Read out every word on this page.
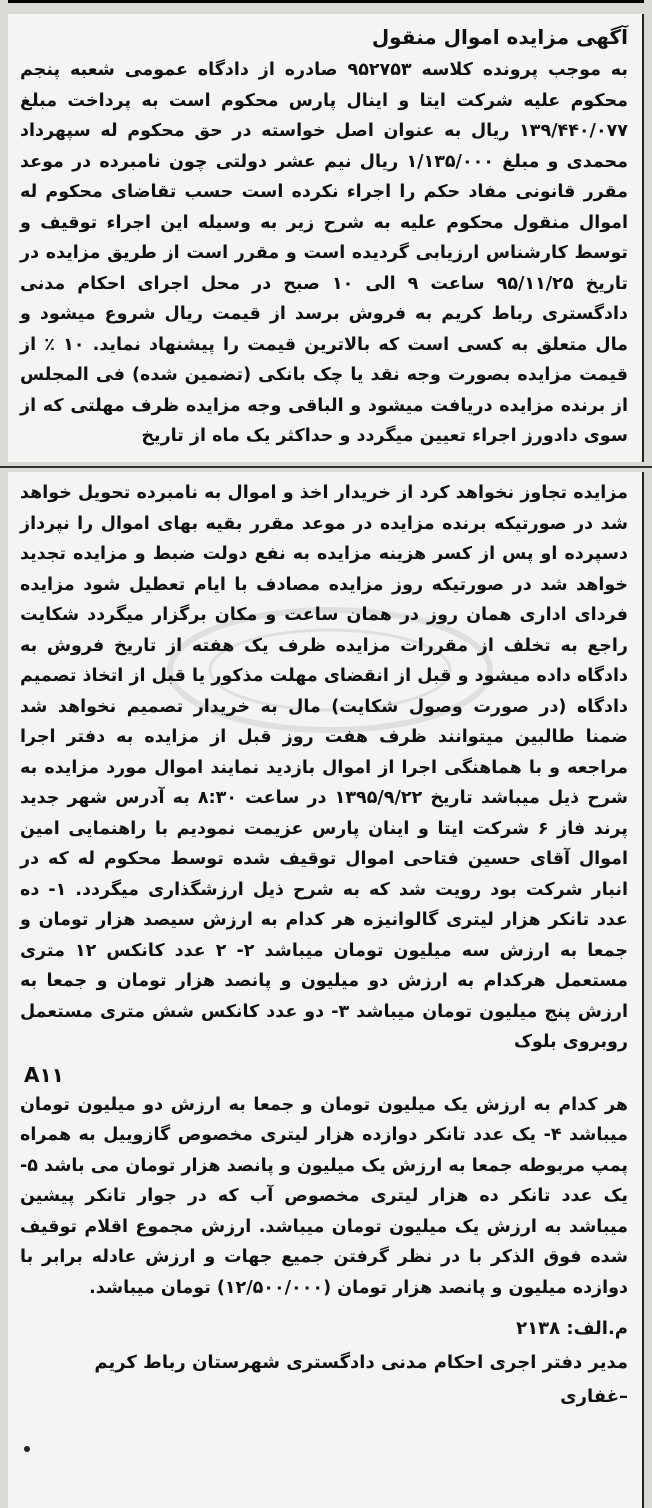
آگهی مزایده اموال منقول

به موجب پرونده کلاسه ۹۵۲۷۵۳ صادره از دادگاه عمومی شعبه پنجم محکوم علیه شرکت ایتا و اینال پارس محکوم است به پرداخت مبلغ ۱۳۹/۴۴۰/۰۷۷ ریال به عنوان اصل خواسته در حق محکوم له سپهرداد محمدی و مبلغ ۱/۱۳۵/۰۰۰ ریال نیم عشر دولتی چون نامبرده در موعد مقرر قانونی مفاد حکم را اجراء نکرده است حسب تقاضای محکوم له اموال منقول محکوم علیه به شرح زیر به وسیله این اجراء توقیف و توسط کارشناس ارزیابی گردیده است و مقرر است از طریق مزایده در تاریخ ۹۵/۱۱/۲۵ ساعت ۹ الی ۱۰ صبح در محل اجرای احکام مدنی دادگستری رباط کریم به فروش برسد از قیمت ریال شروع میشود و مال متعلق به کسی است که بالاترین قیمت را پیشنهاد نماید. ۱۰ ٪ از قیمت مزایده بصورت وجه نقد یا چک بانکی (تضمین شده) فی المجلس از برنده مزایده دریافت میشود و الباقی وجه مزایده ظرف مهلتی که از سوی دادورز اجراء تعیین میگردد و حداکثر یک ماه از تاریخ

مزایده تجاوز نخواهد کرد از خریدار اخذ و اموال به نامبرده تحویل خواهد شد در صورتیکه برنده مزایده در موعد مقرر بقیه بهای اموال را نپرداز دسپرده او پس از کسر هزینه مزایده به نفع دولت ضبط و مزایده تجدید خواهد شد در صورتیکه روز مزایده مصادف با ایام تعطیل شود مزایده فردای اداری همان روز در همان ساعت و مکان برگزار میگردد شکایت راجع به تخلف از مقررات مزایده ظرف یک هفته از تاریخ فروش به دادگاه داده میشود و قبل از انقضای مهلت مذکور یا قبل از اتخاذ تصمیم دادگاه (در صورت وصول شکایت) مال به خریدار تصمیم نخواهد شد ضمنا طالبین میتوانند ظرف هفت روز قبل از مزایده به دفتر اجرا مراجعه و با هماهنگی اجرا از اموال بازدید نمایند اموال مورد مزایده به شرح ذیل میباشد تاریخ ۱۳۹۵/۹/۲۲ در ساعت ۸:۳۰ به آدرس شهر جدید پرند فاز ۶ شرکت ایتا و اینان پارس عزیمت نمودیم با راهنمایی امین اموال آقای حسین فتاحی اموال توقیف شده توسط محکوم له که در انبار شرکت بود رویت شد که به شرح ذیل ارزشگذاری میگردد. ۱- ده عدد تانکر هزار لیتری گالوانیزه هر کدام به ارزش سیصد هزار تومان و جمعا به ارزش سه میلیون تومان میباشد ۲- ۲ عدد کانکس ۱۲ متری مستعمل هرکدام به ارزش دو میلیون و پانصد هزار تومان و جمعا به ارزش پنج میلیون تومان میباشد ۳- دو عدد کانکس شش متری مستعمل روبروی بلوک

A۱۱

هر کدام به ارزش یک میلیون تومان و جمعا به ارزش دو میلیون تومان میباشد ۴- یک عدد تانکر دوازده هزار لیتری مخصوص گازوییل به همراه پمپ مربوطه جمعا به ارزش یک میلیون و پانصد هزار تومان می باشد ۵- یک عدد تانکر ده هزار لیتری مخصوص آب که در جوار تانکر پیشین میباشد به ارزش یک میلیون تومان میباشد. ارزش مجموع اقلام توقیف شده فوق الذکر با در نظر گرفتن جمیع جهات و ارزش عادله برابر با دوازده میلیون و پانصد هزار تومان (۱۲/۵۰۰/۰۰۰) تومان میباشد.

م.الف: ۲۱۳۸

مدیر دفتر اجری احکام مدنی دادگستری شهرستان رباط کریم

–غفاری
